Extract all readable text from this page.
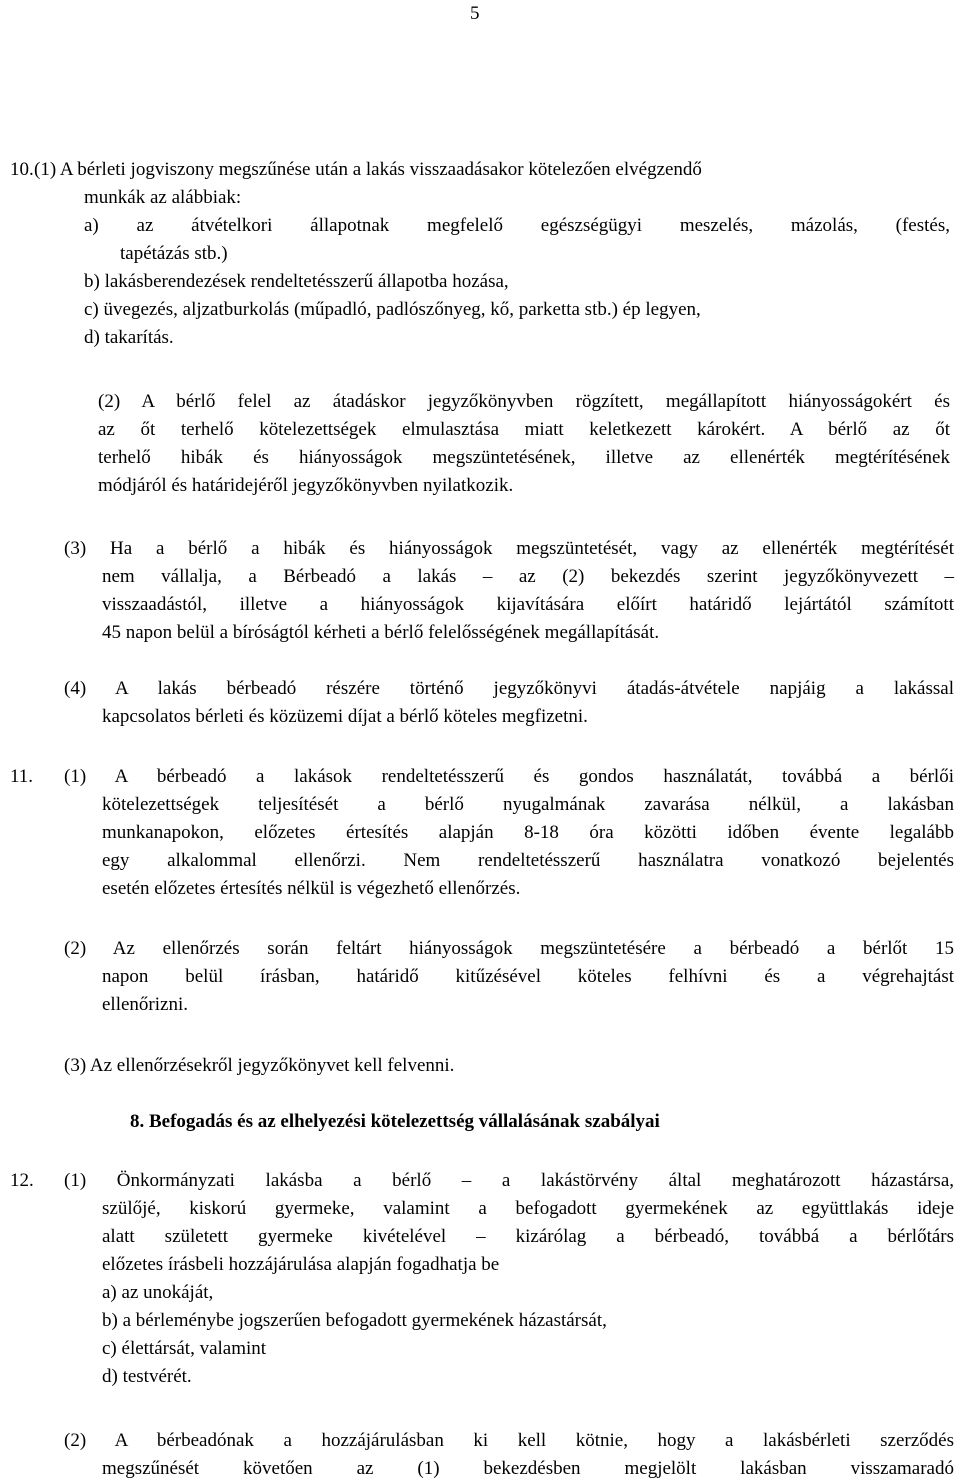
5
10. (1) A bérleti jogviszony megszűnése után a lakás visszaadásakor kötelezően elvégzendő
munkák az alábbiak:
a) az átvételkori állapotnak megfelelő egészségügyi meszelés, mázolás, (festés,
tapétázás stb.)
b) lakásberendezések rendeltetésszerű állapotba hozása,
c) üvegezés, aljzatburkolás (műpadló, padlószőnyeg, kő, parketta stb.) ép legyen,
d) takarítás.
(2) A bérlő felel az átadáskor jegyzőkönyvben rögzített, megállapított hiányosságokért és
az őt terhelő kötelezettségek elmulasztása miatt keletkezett károkért. A bérlő az őt
terhelő hibák és hiányosságok megszüntetésének, illetve az ellenérték megtérítésének
módjáról és határidejéről jegyzőkönyvben nyilatkozik.
(3) Ha a bérlő a hibák és hiányosságok megszüntetését, vagy az ellenérték megtérítését
nem vállalja, a Bérbeadó a lakás – az (2) bekezdés szerint jegyzőkönyvezett –
visszaadástól, illetve a hiányosságok kijavítására előírt határidő lejártától számított
45 napon belül a bíróságtól kérheti a bérlő felelősségének megállapítását.
(4) A lakás bérbeadó részére történő jegyzőkönyvi átadás-átvétele napjáig a lakással
kapcsolatos bérleti és közüzemi díjat a bérlő köteles megfizetni.
11. (1) A bérbeadó a lakások rendeltetésszerű és gondos használatát, továbbá a bérlői
kötelezettségek teljesítését a bérlő nyugalmának zavarása nélkül, a lakásban
munkanapokon, előzetes értesítés alapján 8-18 óra közötti időben évente legalább
egy alkalommal ellenőrzi. Nem rendeltetésszerű használatra vonatkozó bejelentés
esetén előzetes értesítés nélkül is végezhető ellenőrzés.
(2) Az ellenőrzés során feltárt hiányosságok megszüntetésére a bérbeadó a bérlőt 15
napon belül írásban, határidő kitűzésével köteles felhívni és a végrehajtást
ellenőrizni.
(3) Az ellenőrzésekről jegyzőkönyvet kell felvenni.
8. Befogadás és az elhelyezési kötelezettség vállalásának szabályai
12. (1) Önkormányzati lakásba a bérlő – a lakástörvény által meghatározott házastársa,
szülőjé, kiskorú gyermeke, valamint a befogadott gyermekének az együttlakás ideje
alatt született gyermeke kivételével – kizárólag a bérbeadó, továbbá a bérlőtárs
előzetes írásbeli hozzájárulása alapján fogadhatja be
a) az unokáját,
b) a bérleménybe jogszerűen befogadott gyermekének házastársát,
c) élettársát, valamint
d) testvérét.
(2) A bérbeadónak a hozzájárulásban ki kell kötnie, hogy a lakásbérleti szerződés
megszűnését követően az (1) bekezdésben megjelölt lakásban visszamaradó
